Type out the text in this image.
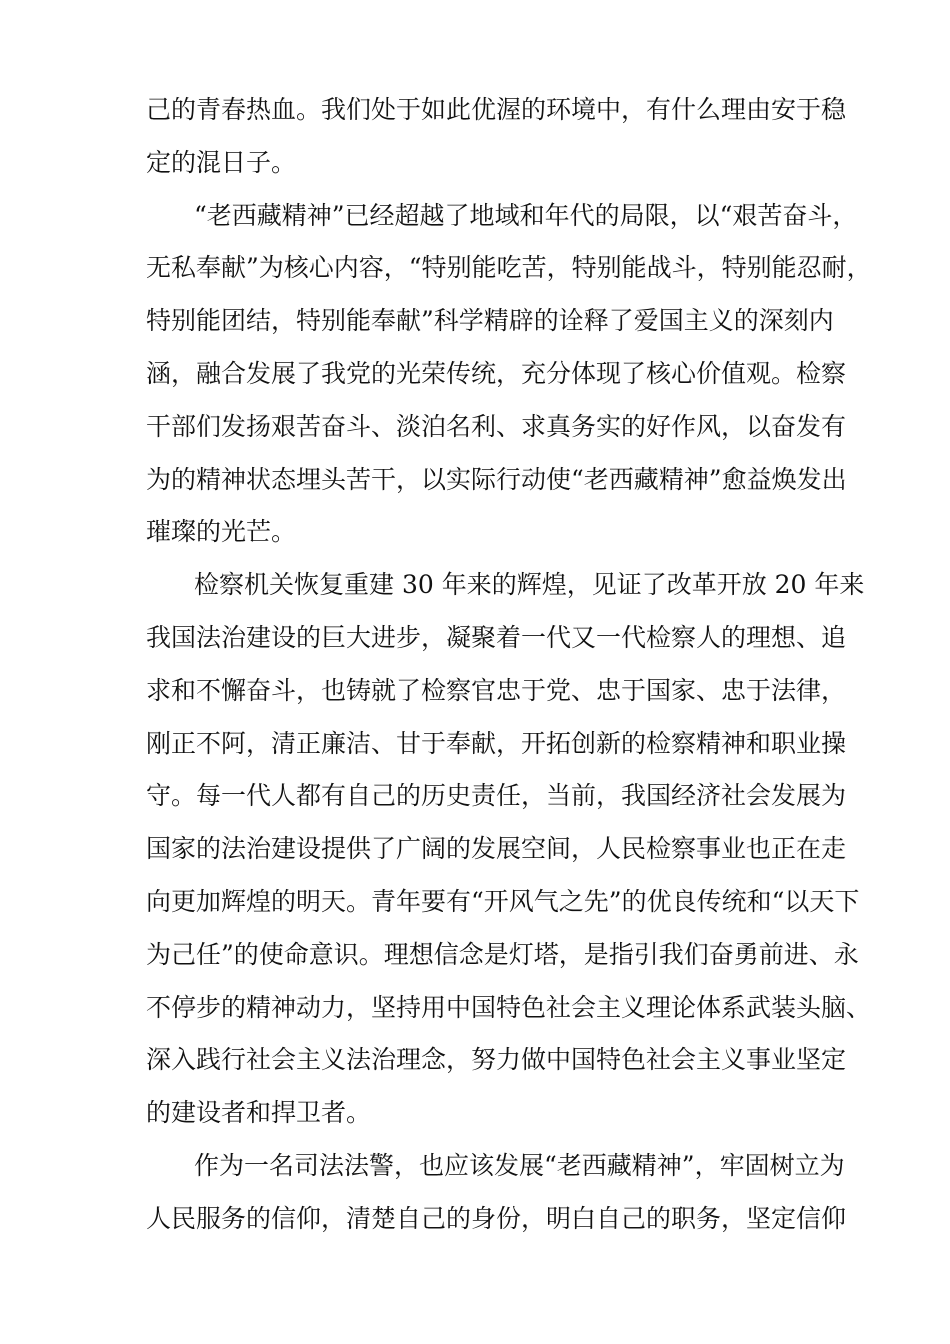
己的青春热血。我们处于如此优渥的环境中，有什么理由安于稳
定的混日子。
“老西藏精神”已经超越了地域和年代的局限，以“艰苦奋斗，
无私奉献”为核心内容，“特别能吃苦，特别能战斗，特别能忍耐，
特别能团结，特别能奉献”科学精辟的诠释了爱国主义的深刻内
涵，融合发展了我党的光荣传统，充分体现了核心价值观。检察
干部们发扬艰苦奋斗、淡泊名利、求真务实的好作风，以奋发有
为的精神状态埋头苦干，以实际行动使“老西藏精神”愈益焕发出
璀璨的光芒。
检察机关恢复重建 30 年来的辉煌，见证了改革开放 20 年来
我国法治建设的巨大进步，凝聚着一代又一代检察人的理想、追
求和不懈奋斗，也铸就了检察官忠于党、忠于国家、忠于法律，
刚正不阿，清正廉洁、甘于奉献，开拓创新的检察精神和职业操
守。每一代人都有自己的历史责任，当前，我国经济社会发展为
国家的法治建设提供了广阔的发展空间，人民检察事业也正在走
向更加辉煌的明天。青年要有“开风气之先”的优良传统和“以天下
为己任”的使命意识。理想信念是灯塔，是指引我们奋勇前进、永
不停步的精神动力，坚持用中国特色社会主义理论体系武装头脑、
深入践行社会主义法治理念，努力做中国特色社会主义事业坚定
的建设者和捍卫者。
作为一名司法法警，也应该发展“老西藏精神”，牢固树立为
人民服务的信仰，清楚自己的身份，明白自己的职务，坚定信仰
